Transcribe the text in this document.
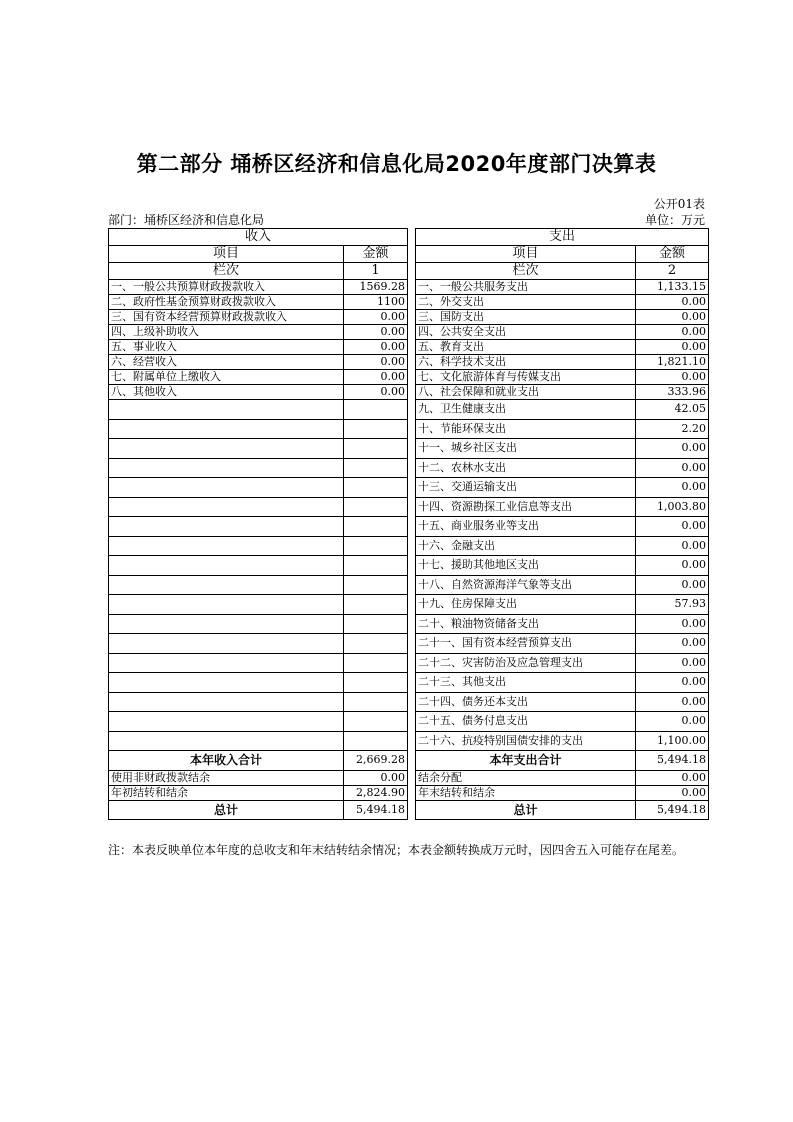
第二部分 埇桥区经济和信息化局2020年度部门决算表
公开01表
部门：埇桥区经济和信息化局	单位：万元
收入			支出	
项目	金额		项目	金额
栏次	1		栏次	2
一、一般公共预算财政拨款收入	1569.28		一、一般公共服务支出	1,133.15
二、政府性基金预算财政拨款收入	1100		二、外交支出	0.00
三、国有资本经营预算财政拨款收入	0.00		三、国防支出	0.00
四、上级补助收入	0.00		四、公共安全支出	0.00
五、事业收入	0.00		五、教育支出	0.00
六、经营收入	0.00		六、科学技术支出	1,821.10
七、附属单位上缴收入	0.00		七、文化旅游体育与传媒支出	0.00
八、其他收入	0.00		八、社会保障和就业支出	333.96
			九、卫生健康支出	42.05
			十、节能环保支出	2.20
			十一、城乡社区支出	0.00
			十二、农林水支出	0.00
			十三、交通运输支出	0.00
			十四、资源勘探工业信息等支出	1,003.80
			十五、商业服务业等支出	0.00
			十六、金融支出	0.00
			十七、援助其他地区支出	0.00
			十八、自然资源海洋气象等支出	0.00
			十九、住房保障支出	57.93
			二十、粮油物资储备支出	0.00
			二十一、国有资本经营预算支出	0.00
			二十二、灾害防治及应急管理支出	0.00
			二十三、其他支出	0.00
			二十四、债务还本支出	0.00
			二十五、债务付息支出	0.00
			二十六、抗疫特别国债安排的支出	1,100.00
本年收入合计	2,669.28		本年支出合计	5,494.18
使用非财政拨款结余	0.00		结余分配	0.00
年初结转和结余	2,824.90		年末结转和结余	0.00
总计	5,494.18		总计	5,494.18
注：本表反映单位本年度的总收支和年末结转结余情况；本表金额转换成万元时，因四舍五入可能存在尾差。
